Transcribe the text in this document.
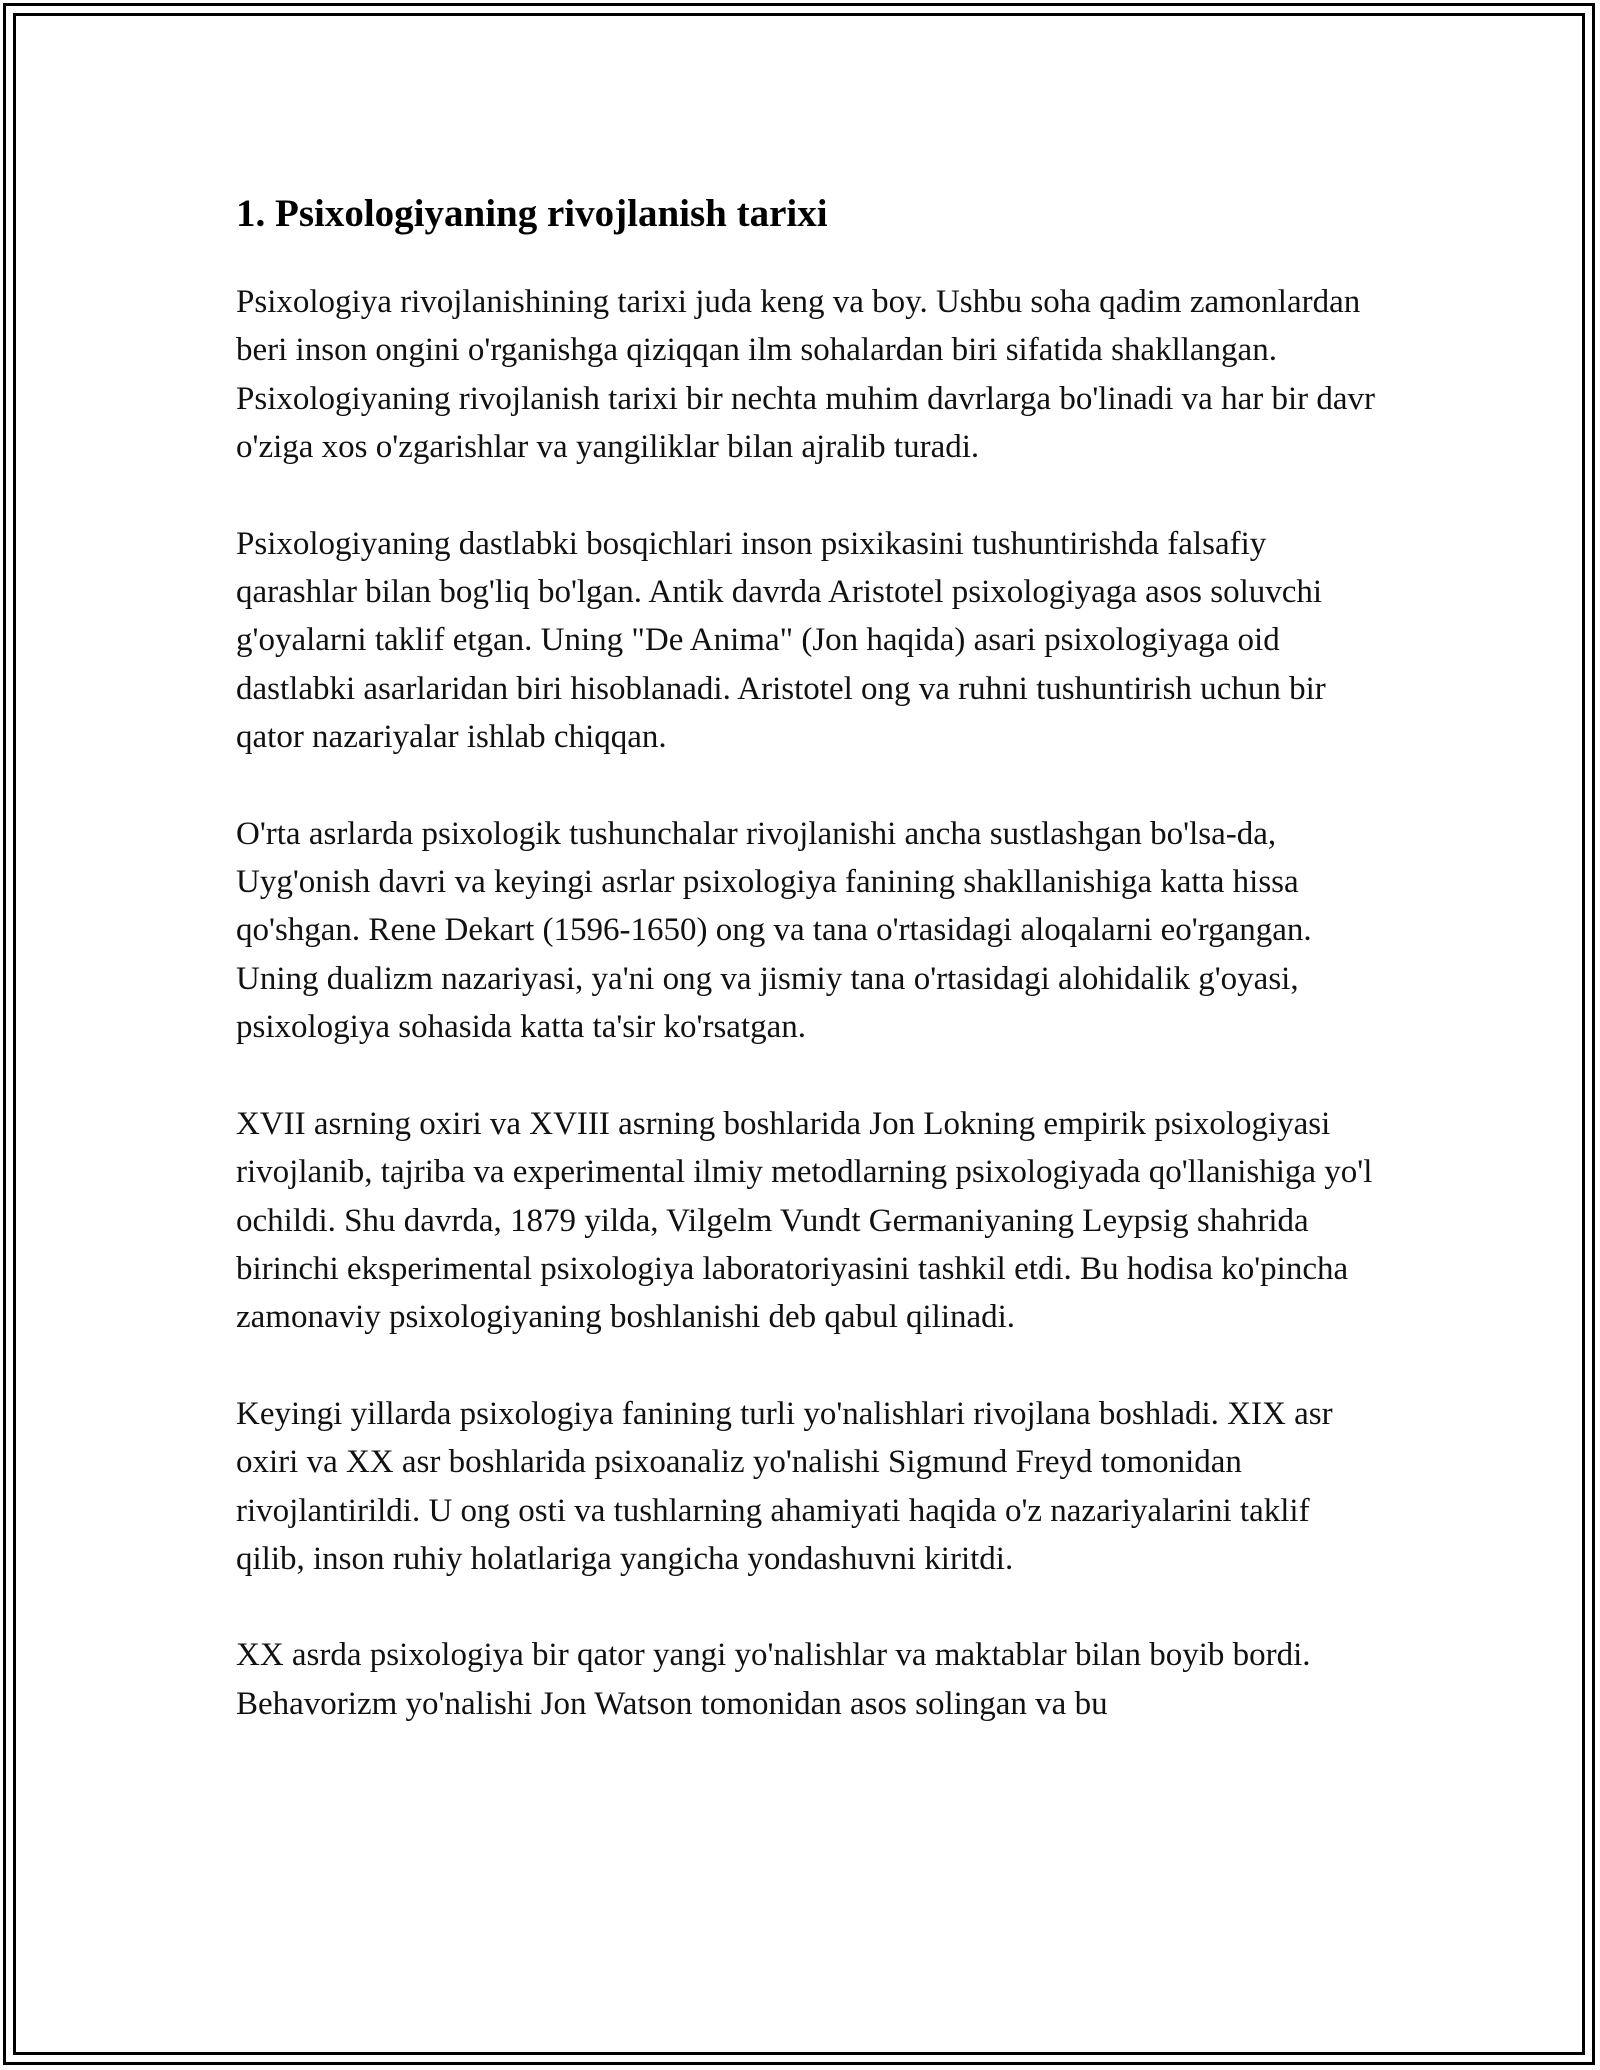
1. Psixologiyaning rivojlanish tarixi

Psixologiya rivojlanishining tarixi juda keng va boy. Ushbu soha qadim zamonlardan beri inson ongini o'rganishga qiziqqan ilm sohalardan biri sifatida shakllangan. Psixologiyaning rivojlanish tarixi bir nechta muhim davrlarga bo'linadi va har bir davr o'ziga xos o'zgarishlar va yangiliklar bilan ajralib turadi.

Psixologiyaning dastlabki bosqichlari inson psixikasini tushuntirishda falsafiy qarashlar bilan bog'liq bo'lgan. Antik davrda Aristotel psixologiyaga asos soluvchi g'oyalarni taklif etgan. Uning "De Anima" (Jon haqida) asari psixologiyaga oid dastlabki asarlaridan biri hisoblanadi. Aristotel ong va ruhni tushuntirish uchun bir qator nazariyalar ishlab chiqqan.

O'rta asrlarda psixologik tushunchalar rivojlanishi ancha sustlashgan bo'lsa-da, Uyg'onish davri va keyingi asrlar psixologiya fanining shakllanishiga katta hissa qo'shgan. Rene Dekart (1596-1650) ong va tana o'rtasidagi aloqalarni eo'rgangan. Uning dualizm nazariyasi, ya'ni ong va jismiy tana o'rtasidagi alohidalik g'oyasi, psixologiya sohasida katta ta'sir ko'rsatgan.

XVII asrning oxiri va XVIII asrning boshlarida Jon Lokning empirik psixologiyasi rivojlanib, tajriba va experimental ilmiy metodlarning psixologiyada qo'llanishiga yo'l ochildi. Shu davrda, 1879 yilda, Vilgelm Vundt Germaniyaning Leypsig shahrida birinchi eksperimental psixologiya laboratoriyasini tashkil etdi. Bu hodisa ko'pincha zamonaviy psixologiyaning boshlanishi deb qabul qilinadi.

Keyingi yillarda psixologiya fanining turli yo'nalishlari rivojlana boshladi. XIX asr oxiri va XX asr boshlarida psixoanaliz yo'nalishi Sigmund Freyd tomonidan rivojlantirildi. U ong osti va tushlarning ahamiyati haqida o'z nazariyalarini taklif qilib, inson ruhiy holatlariga yangicha yondashuvni kiritdi.

XX asrda psixologiya bir qator yangi yo'nalishlar va maktablar bilan boyib bordi. Behavorizm yo'nalishi Jon Watson tomonidan asos solingan va bu
